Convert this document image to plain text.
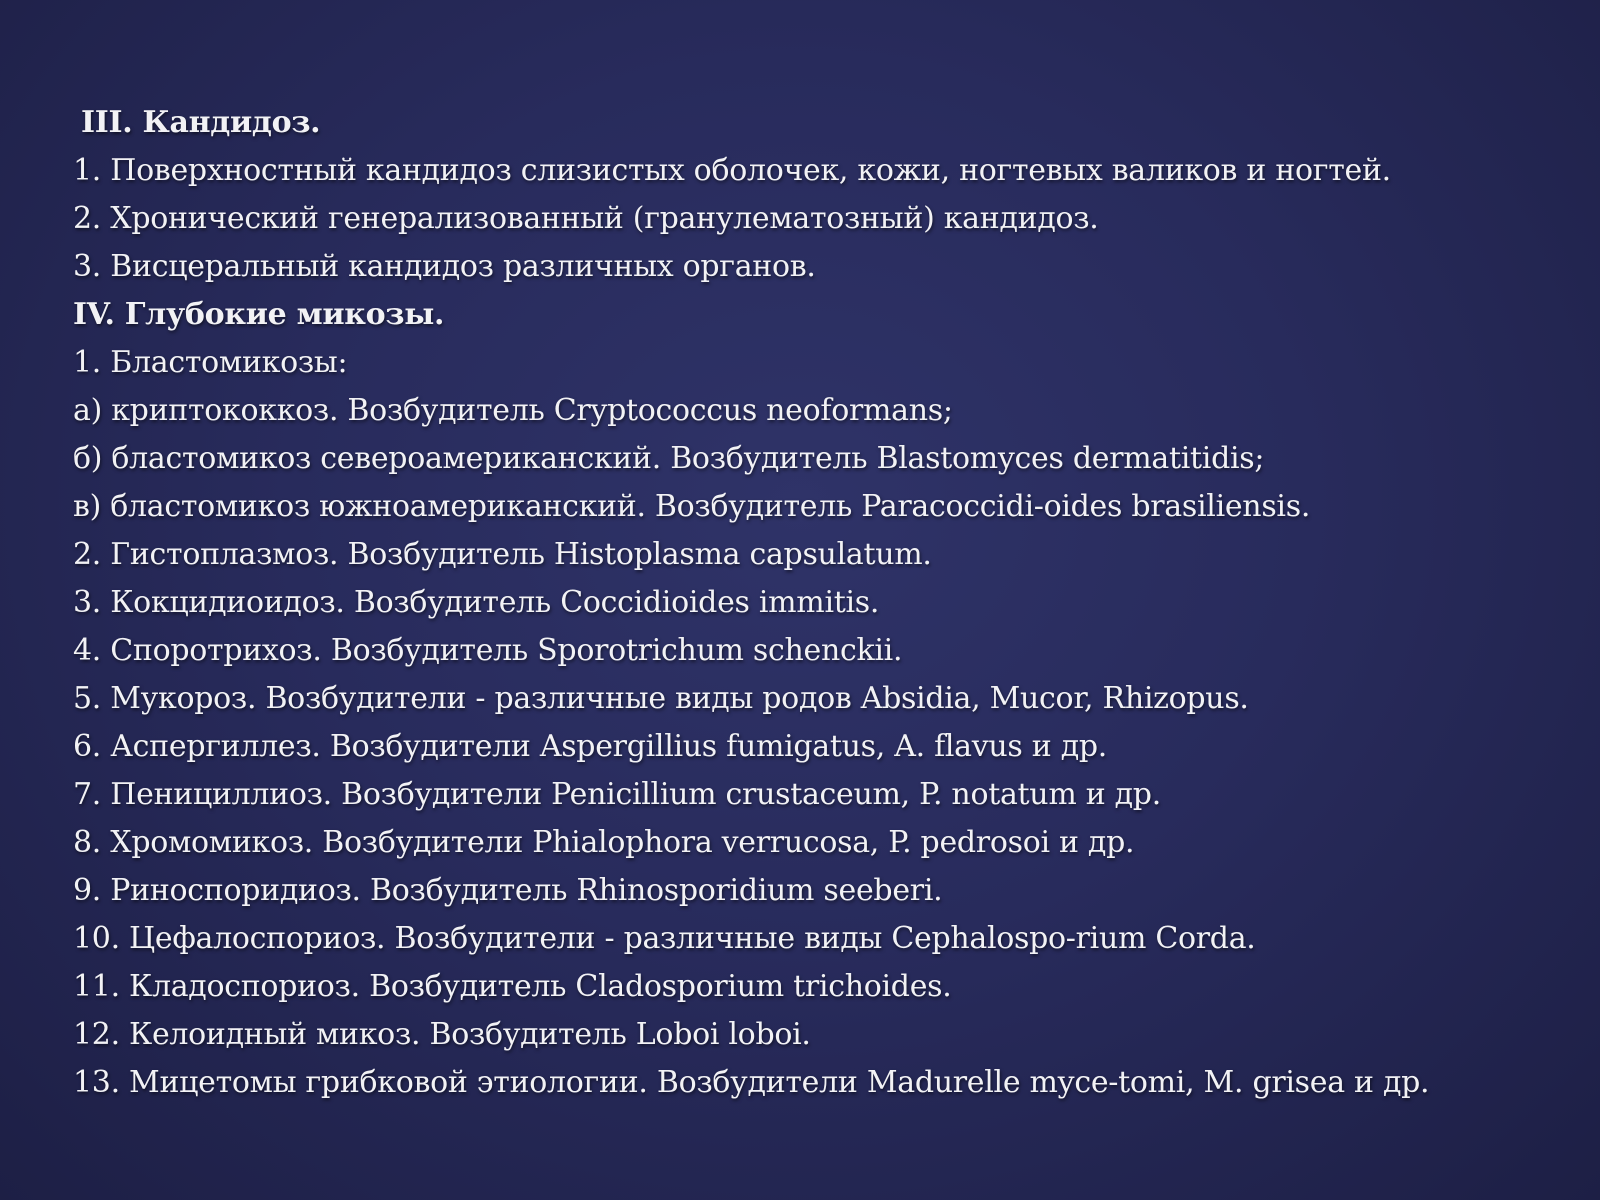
III. Кандидоз.
1. Поверхностный кандидоз слизистых оболочек, кожи, ногтевых валиков и ногтей.
2. Хронический генерализованный (гранулематозный) кандидоз.
3. Висцеральный кандидоз различных органов.
IV. Глубокие микозы.
1. Бластомикозы:
а) криптококкоз. Возбудитель Cryptococcus neoformans;
б) бластомикоз североамериканский. Возбудитель Blastomyces dermatitidis;
в) бластомикоз южноамериканский. Возбудитель Paracoccidi-oides brasiliensis.
2. Гистоплазмоз. Возбудитель Histoplasma capsulatum.
3. Кокцидиоидоз. Возбудитель Coccidioides immitis.
4. Споротрихоз. Возбудитель Sporotrichum schenckii.
5. Мукороз. Возбудители - различные виды родов Absidia, Mucor, Rhizopus.
6. Аспергиллез. Возбудители Aspergillius fumigatus, A. flavus и др.
7. Пенициллиоз. Возбудители Penicillium crustaceum, P. notatum и др.
8. Хромомикоз. Возбудители Phialophora verrucosa, P. pedrosoi и др.
9. Риноспоридиоз. Возбудитель Rhinosporidium seeberi.
10. Цефалоспориоз. Возбудители - различные виды Cephalospo-rium Corda.
11. Кладоспориоз. Возбудитель Cladosporium trichoides.
12. Келоидный микоз. Возбудитель Loboi loboi.
13. Мицетомы грибковой этиологии. Возбудители Madurelle myce-tomi, M. grisea и др.
